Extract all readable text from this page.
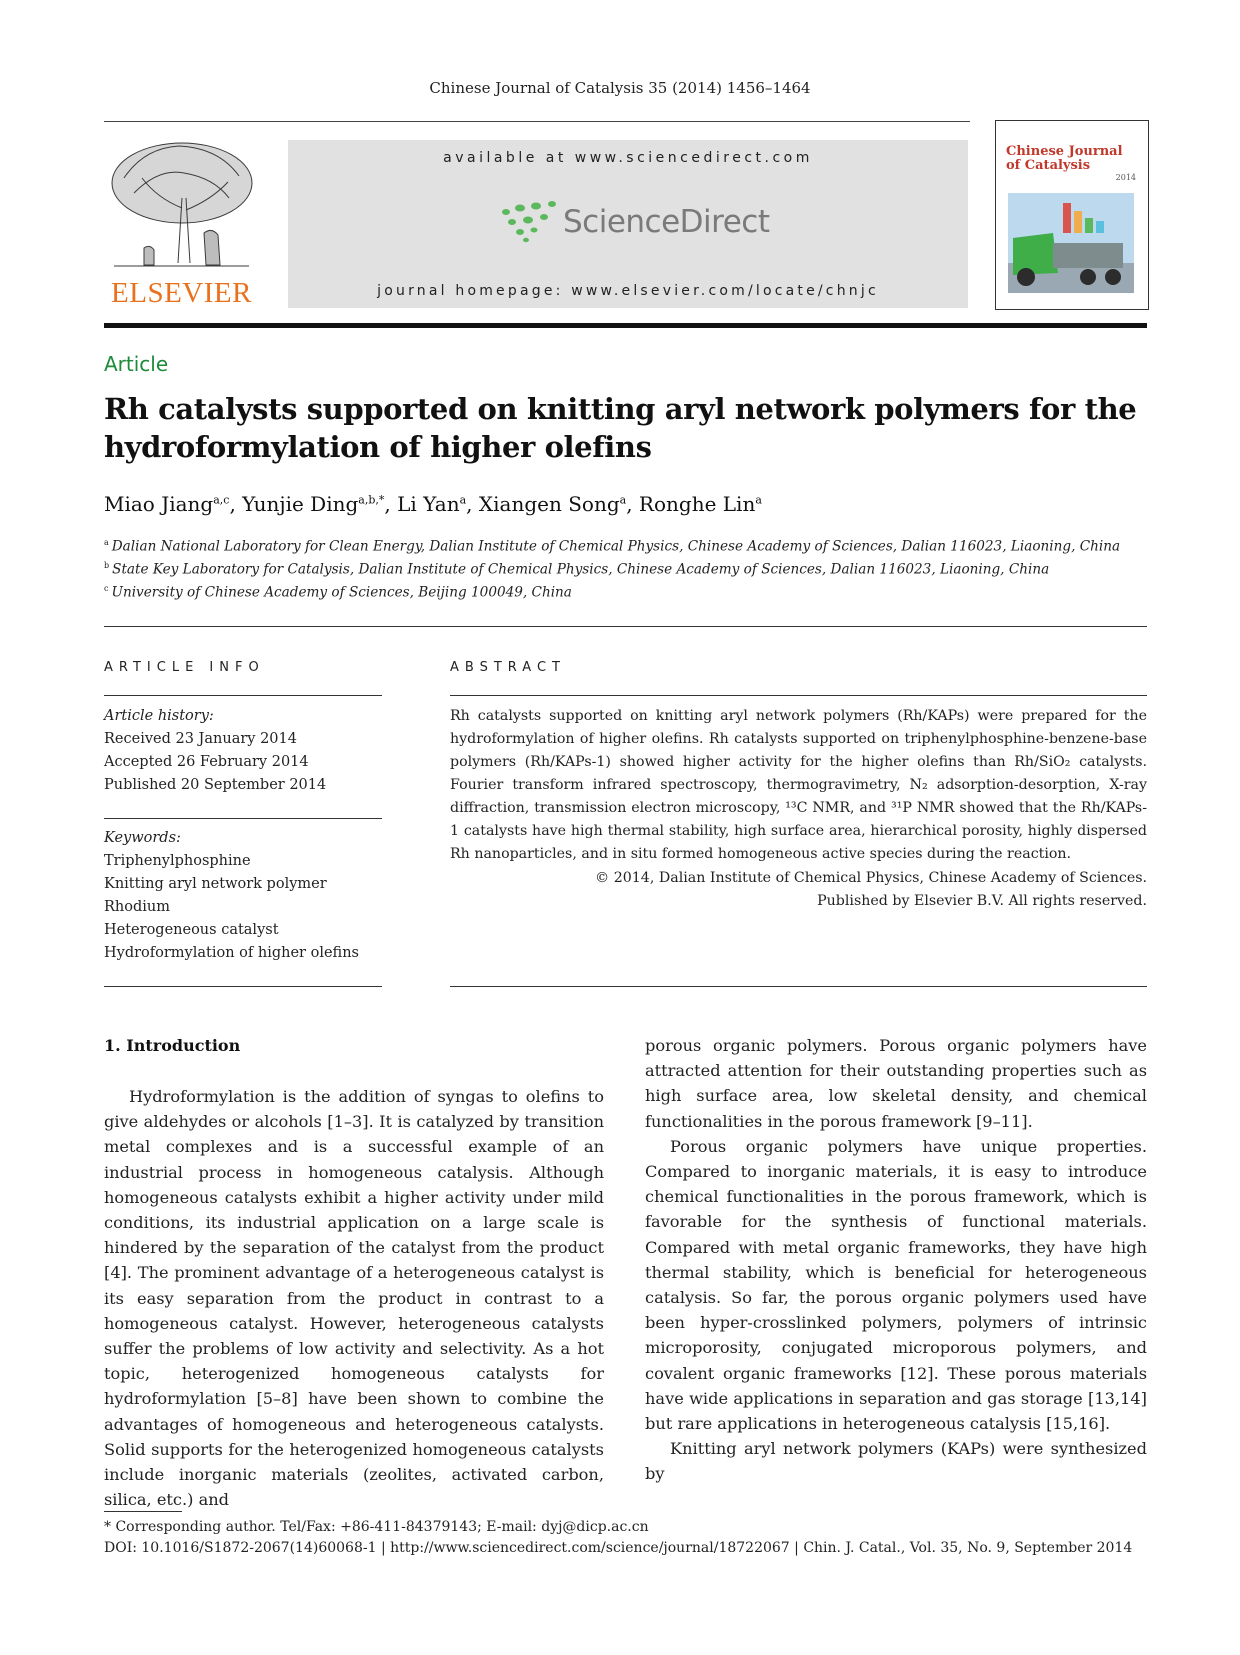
Chinese Journal of Catalysis 35 (2014) 1456–1464
ELSEVIER
available at www.sciencedirect.com
ScienceDirect
journal homepage: www.elsevier.com/locate/chnjc
Chinese Journal
of Catalysis
2014
Article
Rh catalysts supported on knitting aryl network polymers for the
hydroformylation of higher olefins
Miao Jiang$^{a,c}$, Yunjie Ding$^{a,b,*}$, Li Yan$^a$, Xiangen Song$^a$, Ronghe Lin$^a$
$^a$ Dalian National Laboratory for Clean Energy, Dalian Institute of Chemical Physics, Chinese Academy of Sciences, Dalian 116023, Liaoning, China
$^b$ State Key Laboratory for Catalysis, Dalian Institute of Chemical Physics, Chinese Academy of Sciences, Dalian 116023, Liaoning, China
$^c$ University of Chinese Academy of Sciences, Beijing 100049, China
ARTICLE INFO
Article history:
Received 23 January 2014
Accepted 26 February 2014
Published 20 September 2014
Keywords:
Triphenylphosphine
Knitting aryl network polymer
Rhodium
Heterogeneous catalyst
Hydroformylation of higher olefins
ABSTRACT
Rh catalysts supported on knitting aryl network polymers (Rh/KAPs) were prepared for the hydroformylation of higher olefins. Rh catalysts supported on triphenylphosphine-benzene-base polymers (Rh/KAPs-1) showed higher activity for the higher olefins than Rh/SiO₂ catalysts. Fourier transform infrared spectroscopy, thermogravimetry, N₂ adsorption-desorption, X-ray diffraction, transmission electron microscopy, ¹³C NMR, and ³¹P NMR showed that the Rh/KAPs-1 catalysts have high thermal stability, high surface area, hierarchical porosity, highly dispersed Rh nanoparticles, and in situ formed homogeneous active species during the reaction.
© 2014, Dalian Institute of Chemical Physics, Chinese Academy of Sciences.
Published by Elsevier B.V. All rights reserved.
1. Introduction

Hydroformylation is the addition of syngas to olefins to give aldehydes or alcohols [1–3]. It is catalyzed by transition metal complexes and is a successful example of an industrial process in homogeneous catalysis. Although homogeneous catalysts exhibit a higher activity under mild conditions, its industrial application on a large scale is hindered by the separation of the catalyst from the product [4]. The prominent advantage of a heterogeneous catalyst is its easy separation from the product in contrast to a homogeneous catalyst. However, heterogeneous catalysts suffer the problems of low activity and selectivity. As a hot topic, heterogenized homogeneous catalysts for hydroformylation [5–8] have been shown to combine the advantages of homogeneous and heterogeneous catalysts. Solid supports for the heterogenized homogeneous catalysts include inorganic materials (zeolites, activated carbon, silica, etc.) and

porous organic polymers. Porous organic polymers have attracted attention for their outstanding properties such as high surface area, low skeletal density, and chemical functionalities in the porous framework [9–11].

Porous organic polymers have unique properties. Compared to inorganic materials, it is easy to introduce chemical functionalities in the porous framework, which is favorable for the synthesis of functional materials. Compared with metal organic frameworks, they have high thermal stability, which is beneficial for heterogeneous catalysis. So far, the porous organic polymers used have been hyper-crosslinked polymers, polymers of intrinsic microporosity, conjugated microporous polymers, and covalent organic frameworks [12]. These porous materials have wide applications in separation and gas storage [13,14] but rare applications in heterogeneous catalysis [15,16].

Knitting aryl network polymers (KAPs) were synthesized by

* Corresponding author. Tel/Fax: +86-411-84379143; E-mail: dyj@dicp.ac.cn
DOI: 10.1016/S1872-2067(14)60068-1 | http://www.sciencedirect.com/science/journal/18722067 | Chin. J. Catal., Vol. 35, No. 9, September 2014
